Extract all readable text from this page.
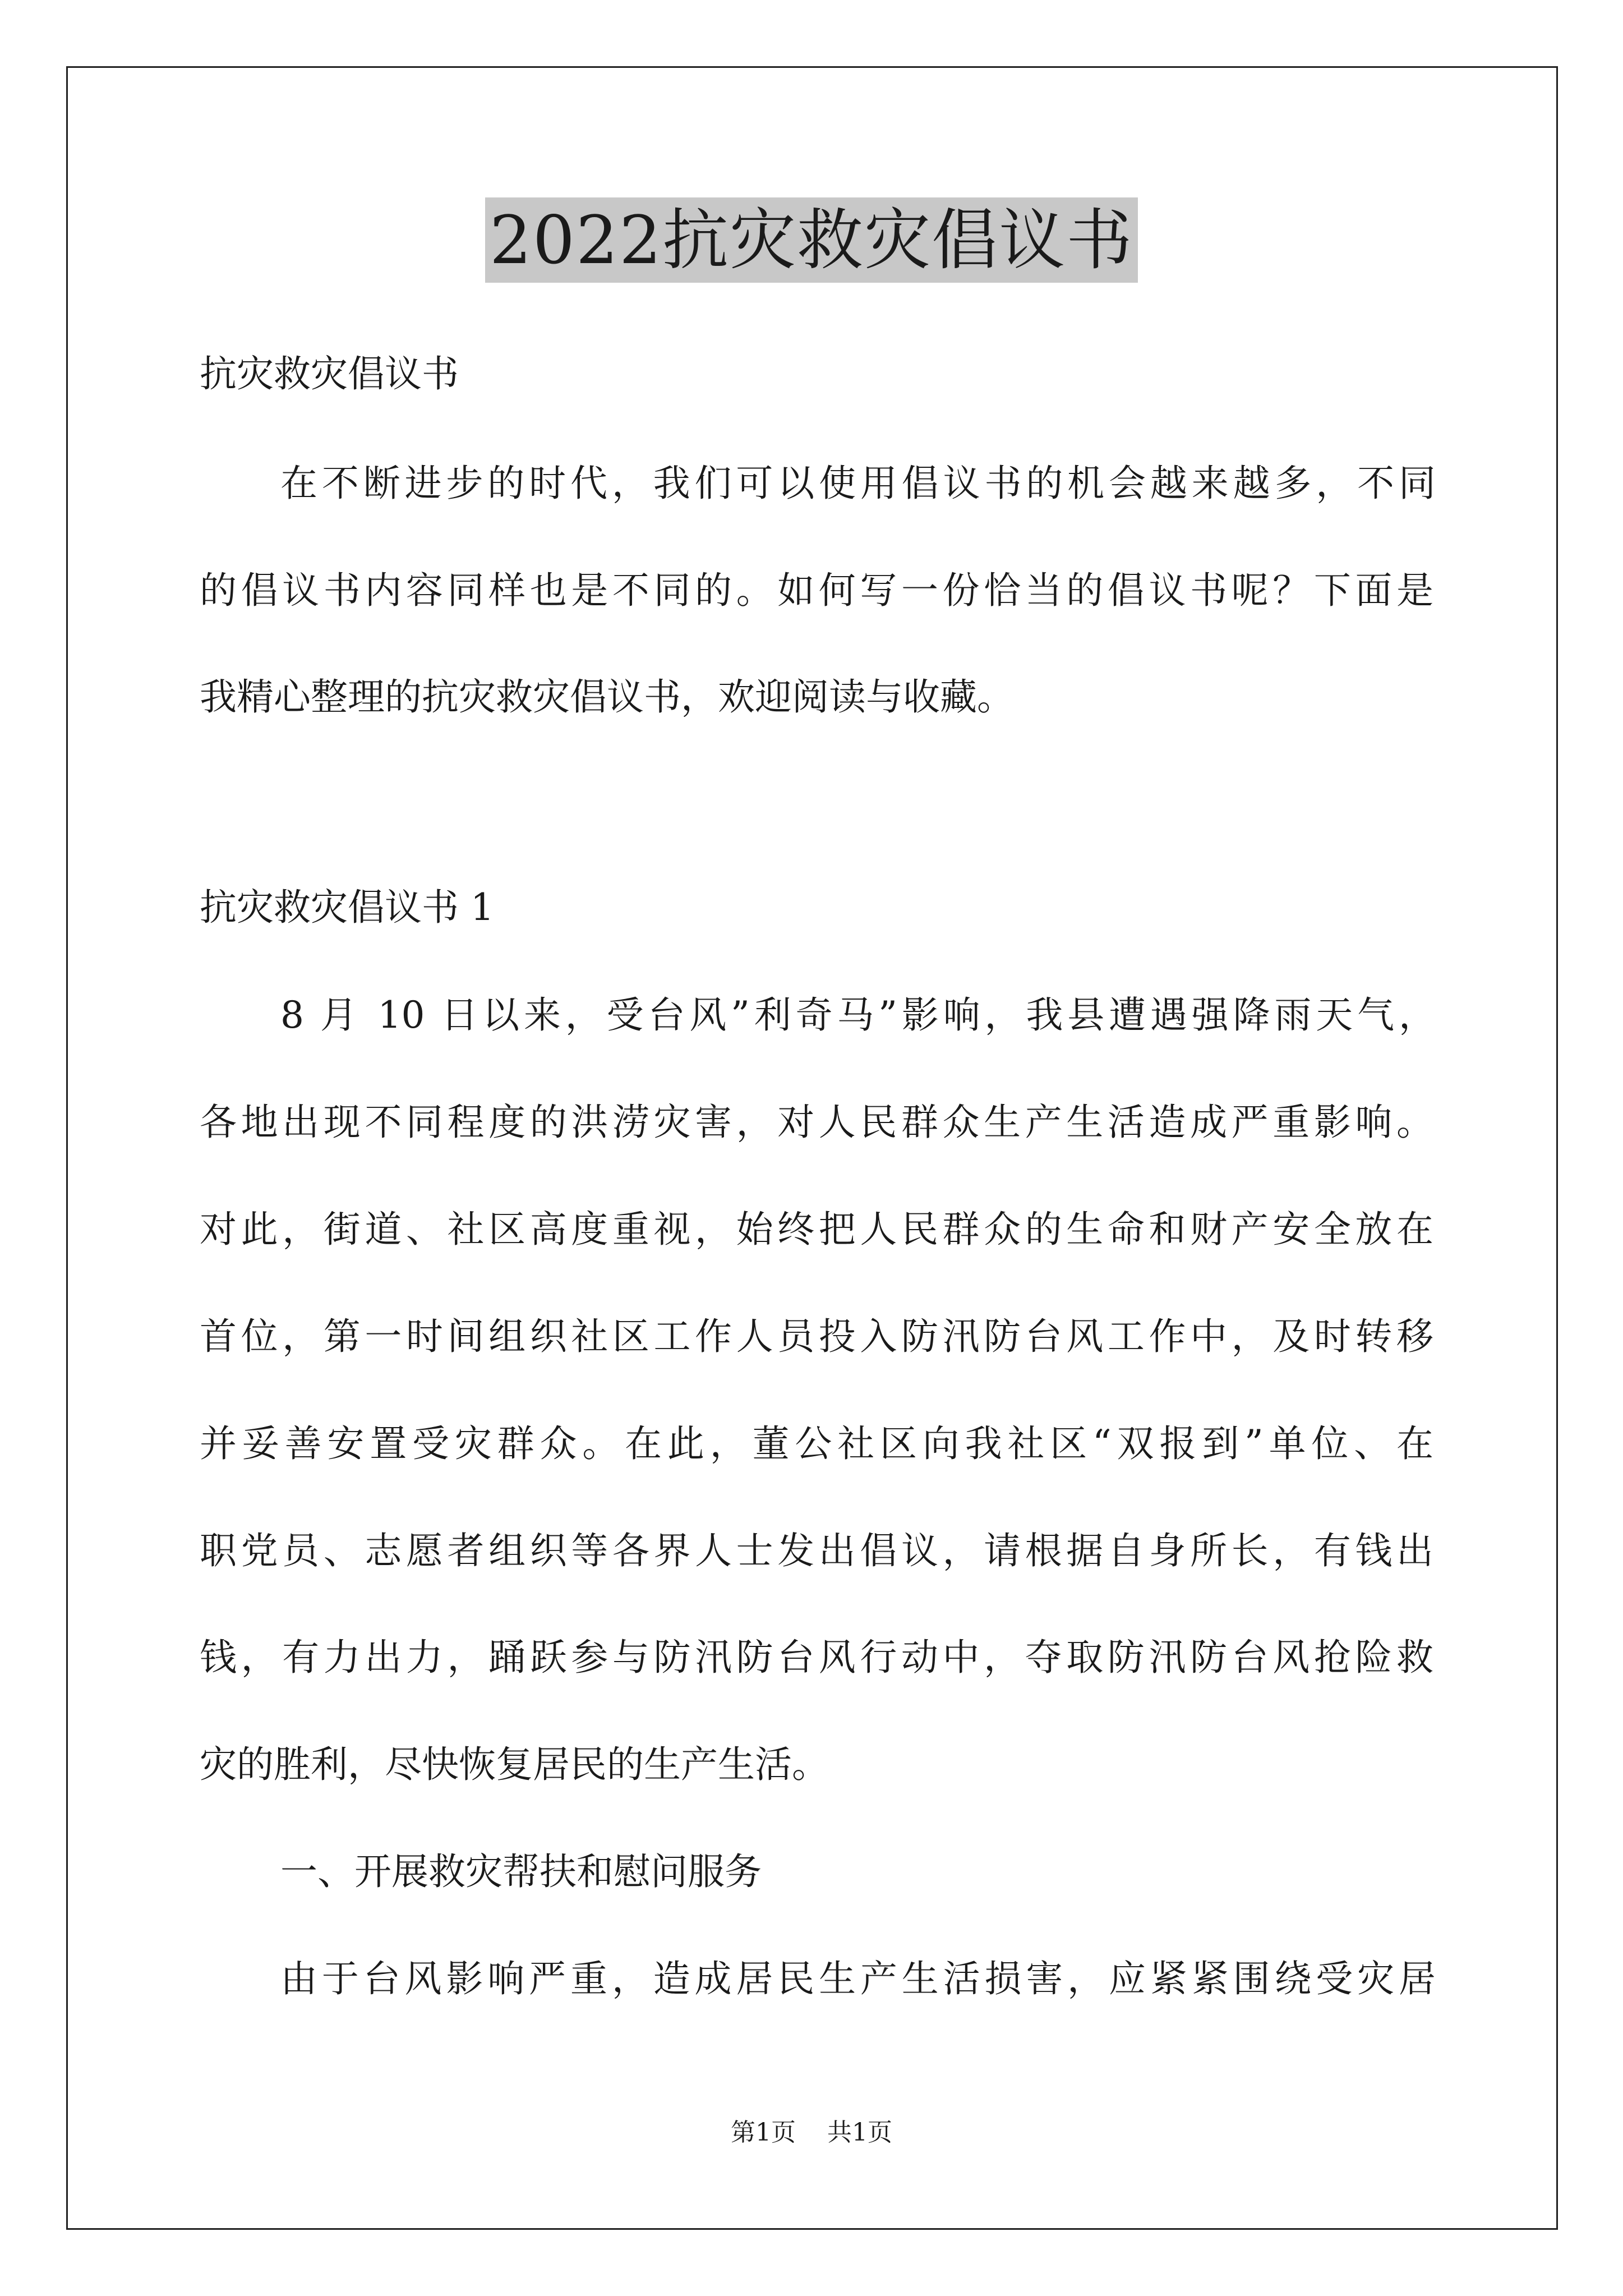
2022抗灾救灾倡议书
抗灾救灾倡议书
在不断进步的时代，我们可以使用倡议书的机会越来越多，不同
的倡议书内容同样也是不同的。如何写一份恰当的倡议书呢？下面是
我精心整理的抗灾救灾倡议书，欢迎阅读与收藏。
抗灾救灾倡议书 1
8 月 10 日以来，受台风”利奇马”影响，我县遭遇强降雨天气，
各地出现不同程度的洪涝灾害，对人民群众生产生活造成严重影响。
对此，街道、社区高度重视，始终把人民群众的生命和财产安全放在
首位，第一时间组织社区工作人员投入防汛防台风工作中，及时转移
并妥善安置受灾群众。在此，董公社区向我社区“双报到”单位、在
职党员、志愿者组织等各界人士发出倡议，请根据自身所长，有钱出
钱，有力出力，踊跃参与防汛防台风行动中，夺取防汛防台风抢险救
灾的胜利，尽快恢复居民的生产生活。
一、开展救灾帮扶和慰问服务
由于台风影响严重，造成居民生产生活损害，应紧紧围绕受灾居
第1页 共1页
